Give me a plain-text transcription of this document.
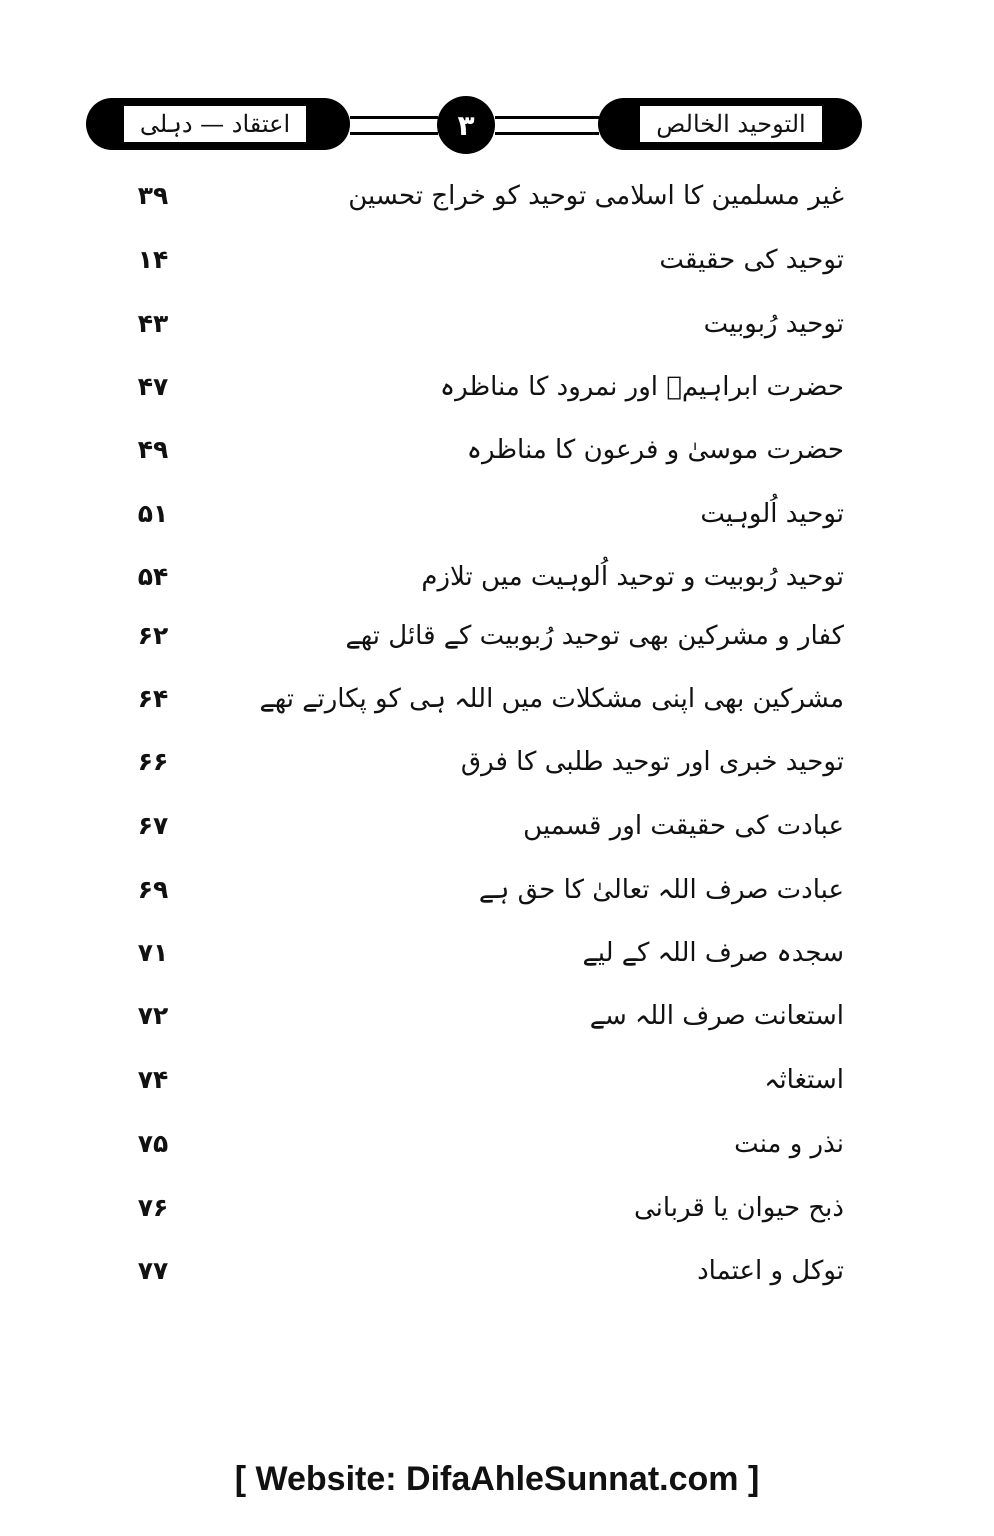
اعتقاد — دہلی	۳	التوحید الخالص
غیر مسلمین کا اسلامی توحید کو خراج تحسین
۳۹
توحید کی حقیقت
۱۴
توحید رُبوبیت
۴۳
حضرت ابراہیمؑ اور نمرود کا مناظرہ
۴۷
حضرت موسیٰ و فرعون کا مناظرہ
۴۹
توحید اُلوہیت
۵۱
توحید رُبوبیت و توحید اُلوہیت میں تلازم
۵۴
کفار و مشرکین بھی توحید رُبوبیت کے قائل تھے
۶۲
مشرکین بھی اپنی مشکلات میں اللہ ہی کو پکارتے تھے
۶۴
توحید خبری اور توحید طلبی کا فرق
۶۶
عبادت کی حقیقت اور قسمیں
۶۷
عبادت صرف اللہ تعالیٰ کا حق ہے
۶۹
سجدہ صرف اللہ کے لیے
۷۱
استعانت صرف اللہ سے
۷۲
استغاثہ
۷۴
نذر و منت
۷۵
ذبح حیوان یا قربانی
۷۶
توکل و اعتماد
۷۷
[ Website: DifaAhleSunnat.com ]
